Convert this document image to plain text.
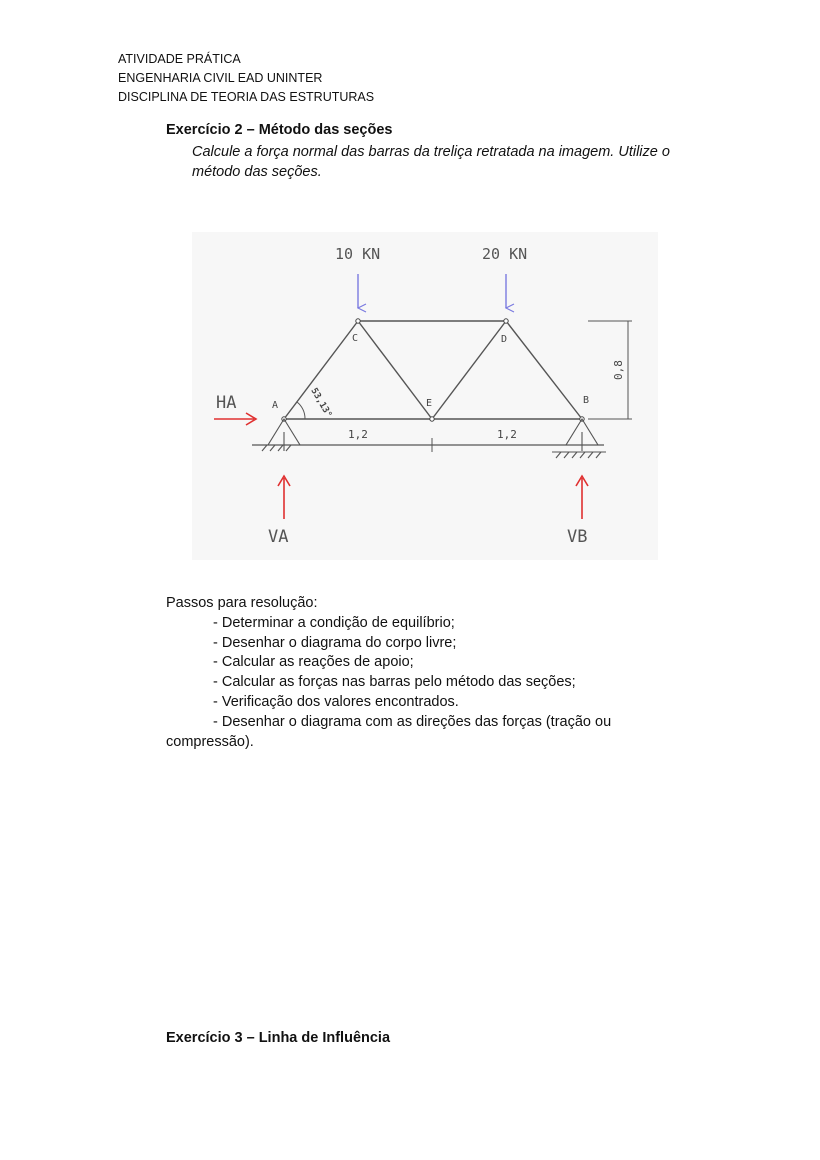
ATIVIDADE PRÁTICA
ENGENHARIA CIVIL EAD UNINTER
DISCIPLINA DE TEORIA DAS ESTRUTURAS
Exercício 2 – Método das seções
Calcule a força normal das barras da treliça retratada na imagem. Utilize o método das seções.
10 KN	20 KN
HA
VA	VB
A	B
C	D
E
1,2	1,2
0,8
53,13°
Passos para resolução:
- Determinar a condição de equilíbrio;
- Desenhar o diagrama do corpo livre;
- Calcular as reações de apoio;
- Calcular as forças nas barras pelo método das seções;
- Verificação dos valores encontrados.
- Desenhar o diagrama com as direções das forças (tração ou compressão).
Exercício 3 – Linha de Influência
